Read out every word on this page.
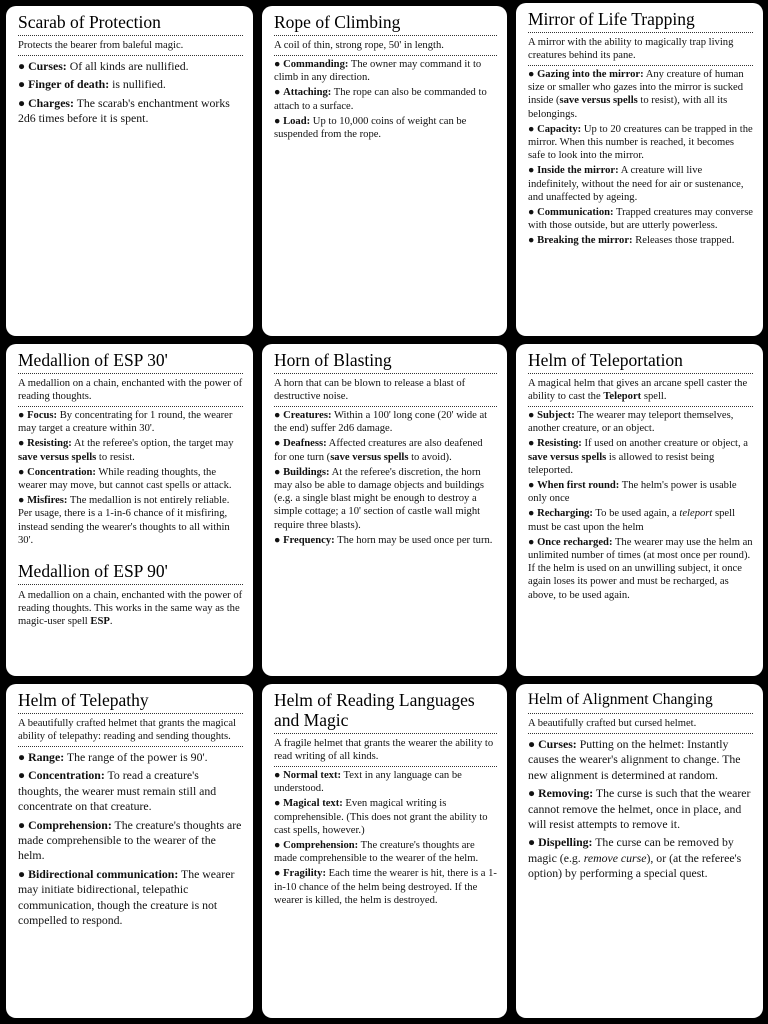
Scarab of Protection
Protects the bearer from baleful magic.
● Curses: Of all kinds are nullified.
● Finger of death: is nullified.
● Charges: The scarab's enchantment works 2d6 times before it is spent.
Rope of Climbing
A coil of thin, strong rope, 50' in length.
● Commanding: The owner may command it to climb in any direction.
● Attaching: The rope can also be commanded to attach to a surface.
● Load: Up to 10,000 coins of weight can be suspended from the rope.
Mirror of Life Trapping
A mirror with the ability to magically trap living creatures behind its pane.
● Gazing into the mirror: Any creature of human size or smaller who gazes into the mirror is sucked inside (save versus spells to resist), with all its belongings.
● Capacity: Up to 20 creatures can be trapped in the mirror. When this number is reached, it becomes safe to look into the mirror.
● Inside the mirror: A creature will live indefinitely, without the need for air or sustenance, and unaffected by ageing.
● Communication: Trapped creatures may converse with those outside, but are utterly powerless.
● Breaking the mirror: Releases those trapped.
Medallion of ESP 30'
A medallion on a chain, enchanted with the power of reading thoughts.
● Focus: By concentrating for 1 round, the wearer may target a creature within 30'.
● Resisting: At the referee's option, the target may save versus spells to resist.
● Concentration: While reading thoughts, the wearer may move, but cannot cast spells or attack.
● Misfires: The medallion is not entirely reliable. Per usage, there is a 1-in-6 chance of it misfiring, instead sending the wearer's thoughts to all within 30'.
Medallion of ESP 90'
A medallion on a chain, enchanted with the power of reading thoughts. This works in the same way as the magic-user spell ESP.
Horn of Blasting
A horn that can be blown to release a blast of destructive noise.
● Creatures: Within a 100' long cone (20' wide at the end) suffer 2d6 damage.
● Deafness: Affected creatures are also deafened for one turn (save versus spells to avoid).
● Buildings: At the referee's discretion, the horn may also be able to damage objects and buildings (e.g. a single blast might be enough to destroy a simple cottage; a 10' section of castle wall might require three blasts).
● Frequency: The horn may be used once per turn.
Helm of Teleportation
A magical helm that gives an arcane spell caster the ability to cast the Teleport spell.
● Subject: The wearer may teleport themselves, another creature, or an object.
● Resisting: If used on another creature or object, a save versus spells is allowed to resist being teleported.
● When first round: The helm's power is usable only once
● Recharging: To be used again, a teleport spell must be cast upon the helm
● Once recharged: The wearer may use the helm an unlimited number of times (at most once per round). If the helm is used on an unwilling subject, it once again loses its power and must be recharged, as above, to be used again.
Helm of Telepathy
A beautifully crafted helmet that grants the magical ability of telepathy: reading and sending thoughts.
● Range: The range of the power is 90'.
● Concentration: To read a creature's thoughts, the wearer must remain still and concentrate on that creature.
● Comprehension: The creature's thoughts are made comprehensible to the wearer of the helm.
● Bidirectional communication: The wearer may initiate bidirectional, telepathic communication, though the creature is not compelled to respond.
Helm of Reading Languages and Magic
A fragile helmet that grants the wearer the ability to read writing of all kinds.
● Normal text: Text in any language can be understood.
● Magical text: Even magical writing is comprehensible. (This does not grant the ability to cast spells, however.)
● Comprehension: The creature's thoughts are made comprehensible to the wearer of the helm.
● Fragility: Each time the wearer is hit, there is a 1-in-10 chance of the helm being destroyed. If the wearer is killed, the helm is destroyed.
Helm of Alignment Changing
A beautifully crafted but cursed helmet.
● Curses: Putting on the helmet: Instantly causes the wearer's alignment to change. The new alignment is determined at random.
● Removing: The curse is such that the wearer cannot remove the helmet, once in place, and will resist attempts to remove it.
● Dispelling: The curse can be removed by magic (e.g. remove curse), or (at the referee's option) by performing a special quest.
